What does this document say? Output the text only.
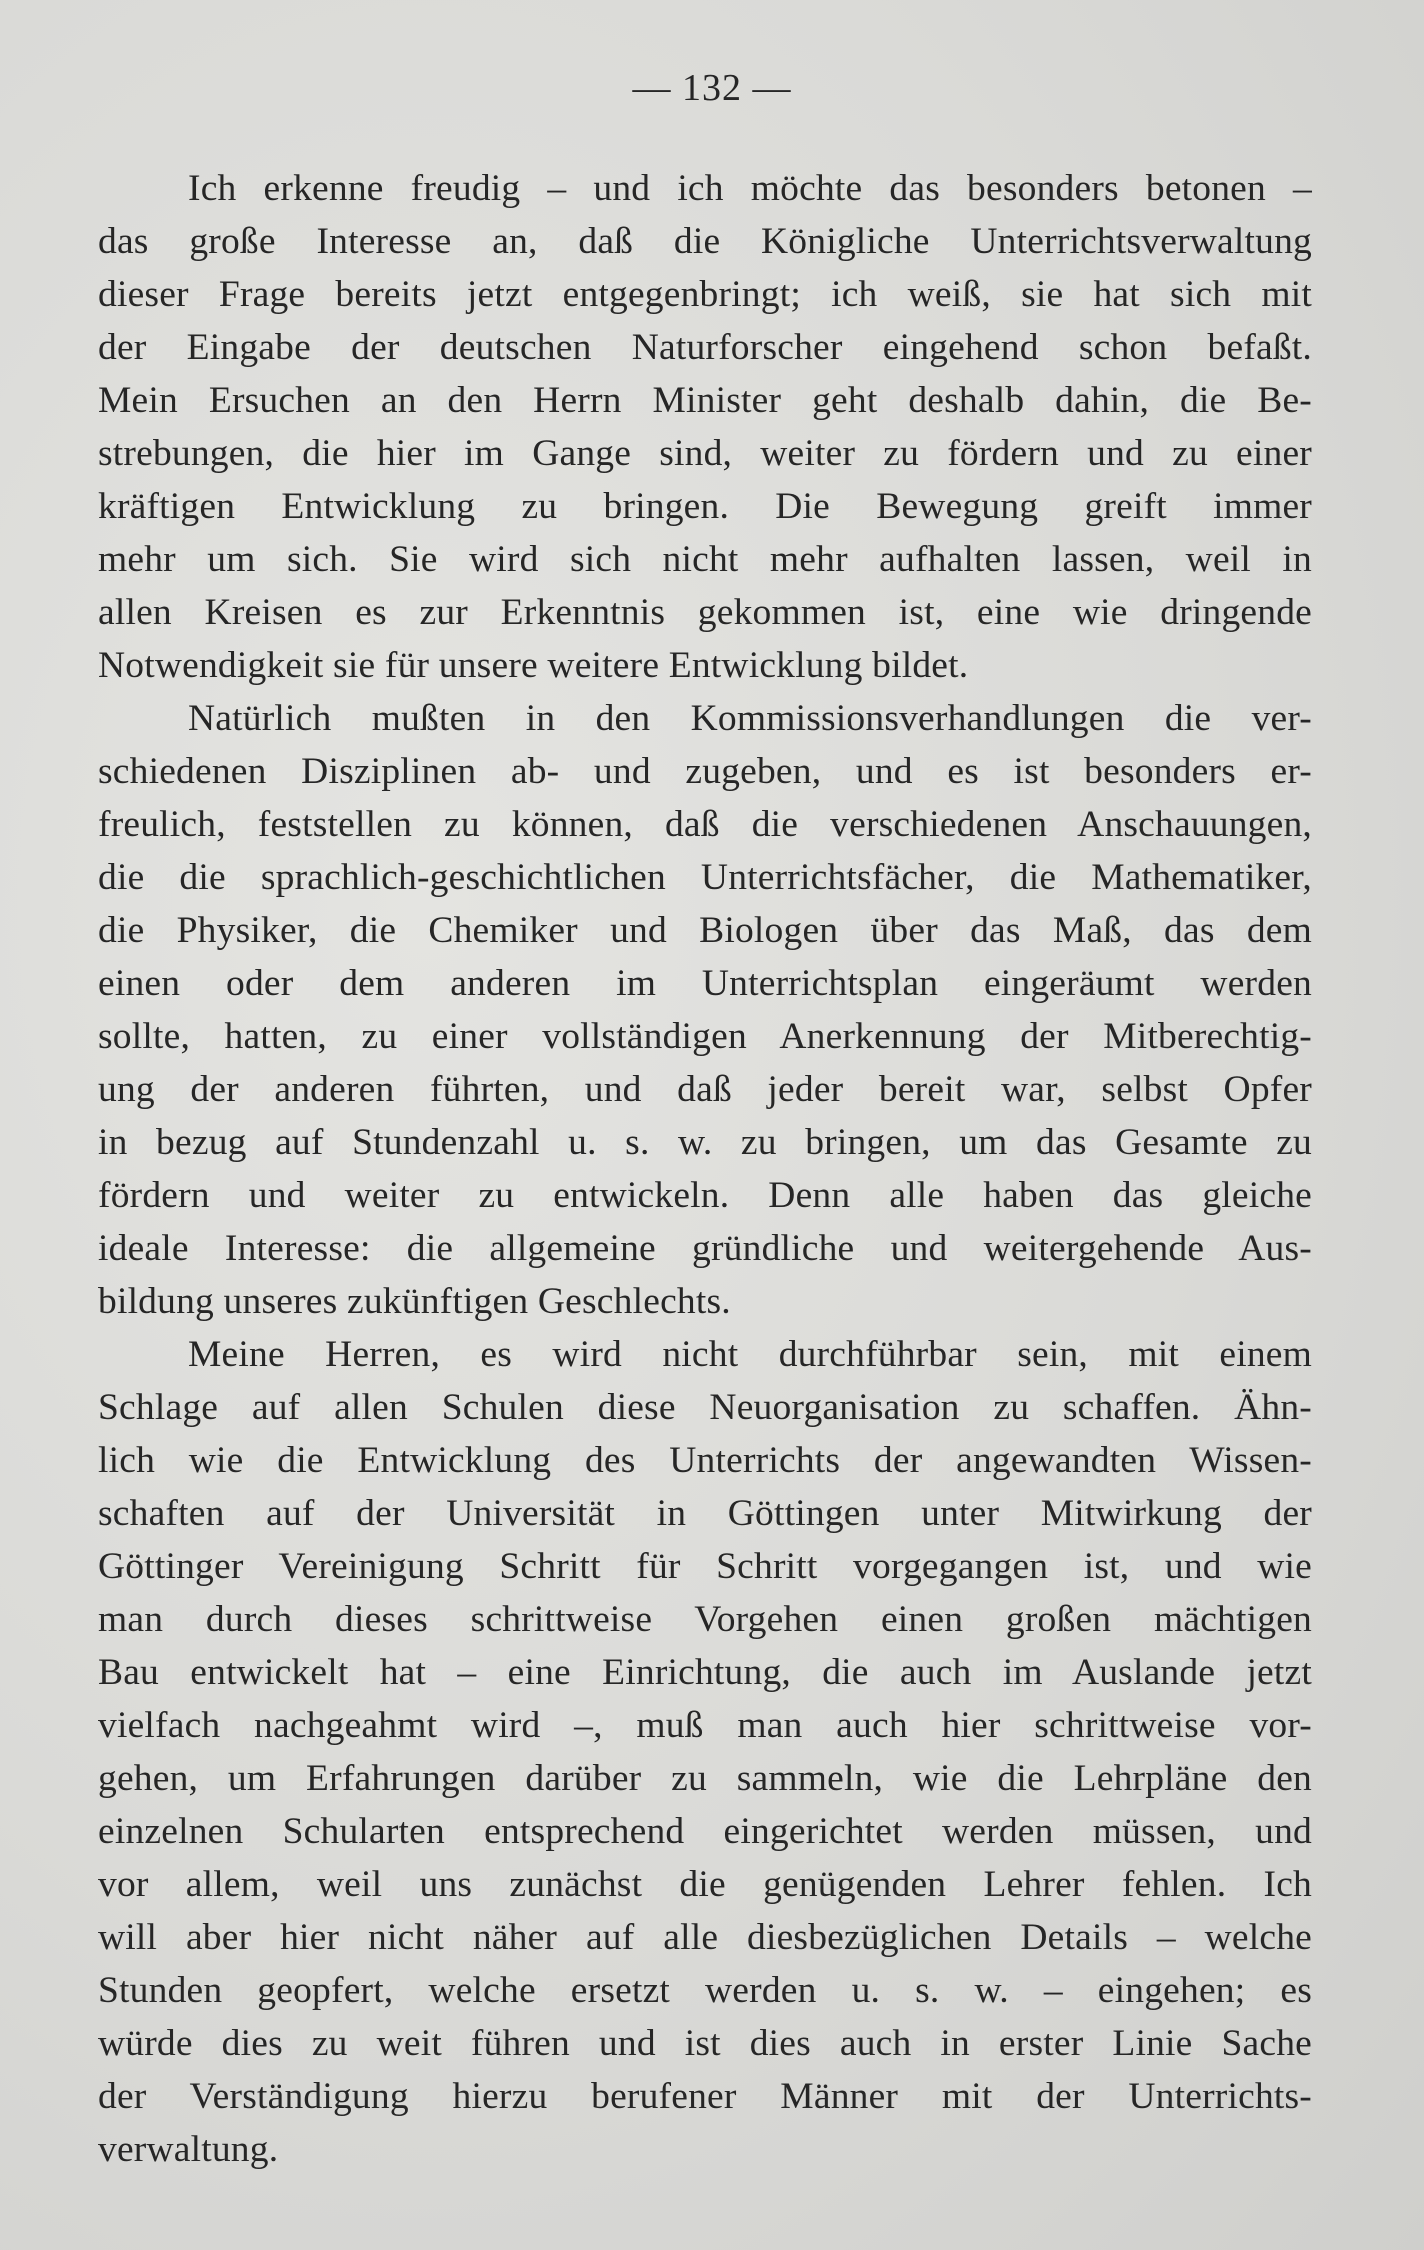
— 132 —
Ich erkenne freudig – und ich möchte das besonders betonen –
das große Interesse an, daß die Königliche Unterrichtsverwaltung
dieser Frage bereits jetzt entgegenbringt; ich weiß, sie hat sich mit
der Eingabe der deutschen Naturforscher eingehend schon befaßt.
Mein Ersuchen an den Herrn Minister geht deshalb dahin, die Be-
strebungen, die hier im Gange sind, weiter zu fördern und zu einer
kräftigen Entwicklung zu bringen. Die Bewegung greift immer
mehr um sich. Sie wird sich nicht mehr aufhalten lassen, weil in
allen Kreisen es zur Erkenntnis gekommen ist, eine wie dringende
Notwendigkeit sie für unsere weitere Entwicklung bildet.
Natürlich mußten in den Kommissionsverhandlungen die ver-
schiedenen Disziplinen ab- und zugeben, und es ist besonders er-
freulich, feststellen zu können, daß die verschiedenen Anschauungen,
die die sprachlich-geschichtlichen Unterrichtsfächer, die Mathematiker,
die Physiker, die Chemiker und Biologen über das Maß, das dem
einen oder dem anderen im Unterrichtsplan eingeräumt werden
sollte, hatten, zu einer vollständigen Anerkennung der Mitberechtig-
ung der anderen führten, und daß jeder bereit war, selbst Opfer
in bezug auf Stundenzahl u. s. w. zu bringen, um das Gesamte zu
fördern und weiter zu entwickeln. Denn alle haben das gleiche
ideale Interesse: die allgemeine gründliche und weitergehende Aus-
bildung unseres zukünftigen Geschlechts.
Meine Herren, es wird nicht durchführbar sein, mit einem
Schlage auf allen Schulen diese Neuorganisation zu schaffen. Ähn-
lich wie die Entwicklung des Unterrichts der angewandten Wissen-
schaften auf der Universität in Göttingen unter Mitwirkung der
Göttinger Vereinigung Schritt für Schritt vorgegangen ist, und wie
man durch dieses schrittweise Vorgehen einen großen mächtigen
Bau entwickelt hat – eine Einrichtung, die auch im Auslande jetzt
vielfach nachgeahmt wird –, muß man auch hier schrittweise vor-
gehen, um Erfahrungen darüber zu sammeln, wie die Lehrpläne den
einzelnen Schularten entsprechend eingerichtet werden müssen, und
vor allem, weil uns zunächst die genügenden Lehrer fehlen. Ich
will aber hier nicht näher auf alle diesbezüglichen Details – welche
Stunden geopfert, welche ersetzt werden u. s. w. – eingehen; es
würde dies zu weit führen und ist dies auch in erster Linie Sache
der Verständigung hierzu berufener Männer mit der Unterrichts-
verwaltung.
